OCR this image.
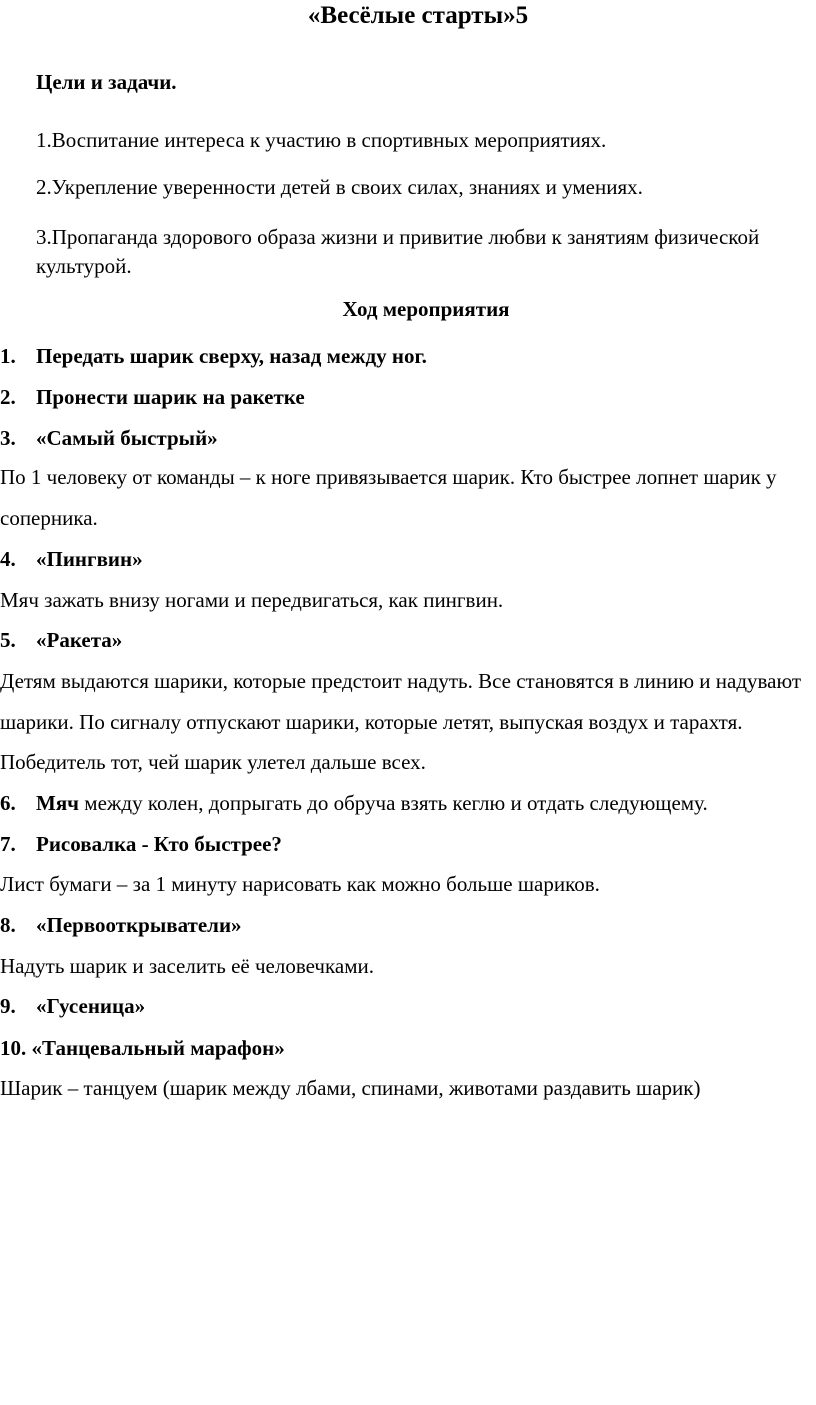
«Весёлые старты»5
Цели и задачи.
1.Воспитание интереса к участию в спортивных мероприятиях.
2.Укрепление уверенности детей в своих силах, знаниях и умениях.
3.Пропаганда здорового образа жизни и привитие любви к занятиям физической культурой.
Ход мероприятия
1. Передать шарик сверху, назад между ног.
2. Пронести шарик на ракетке
3. «Самый быстрый»
По 1 человеку от команды – к ноге привязывается шарик. Кто быстрее лопнет шарик у соперника.
4. «Пингвин»
Мяч зажать внизу ногами и передвигаться, как пингвин.
5. «Ракета»
Детям выдаются шарики, которые предстоит надуть. Все становятся в линию и надувают шарики. По сигналу отпускают шарики, которые летят, выпуская воздух и тарахтя. Победитель тот, чей шарик улетел дальше всех.
6. Мяч между колен, допрыгать до обруча взять кеглю и отдать следующему.
7. Рисовалка - Кто быстрее?
Лист бумаги – за 1 минуту нарисовать как можно больше шариков.
8. «Первооткрыватели»
Надуть шарик и заселить её человечками.
9. «Гусеница»
10. «Танцевальный марафон»
Шарик – танцуем (шарик между лбами, спинами, животами раздавить шарик)
